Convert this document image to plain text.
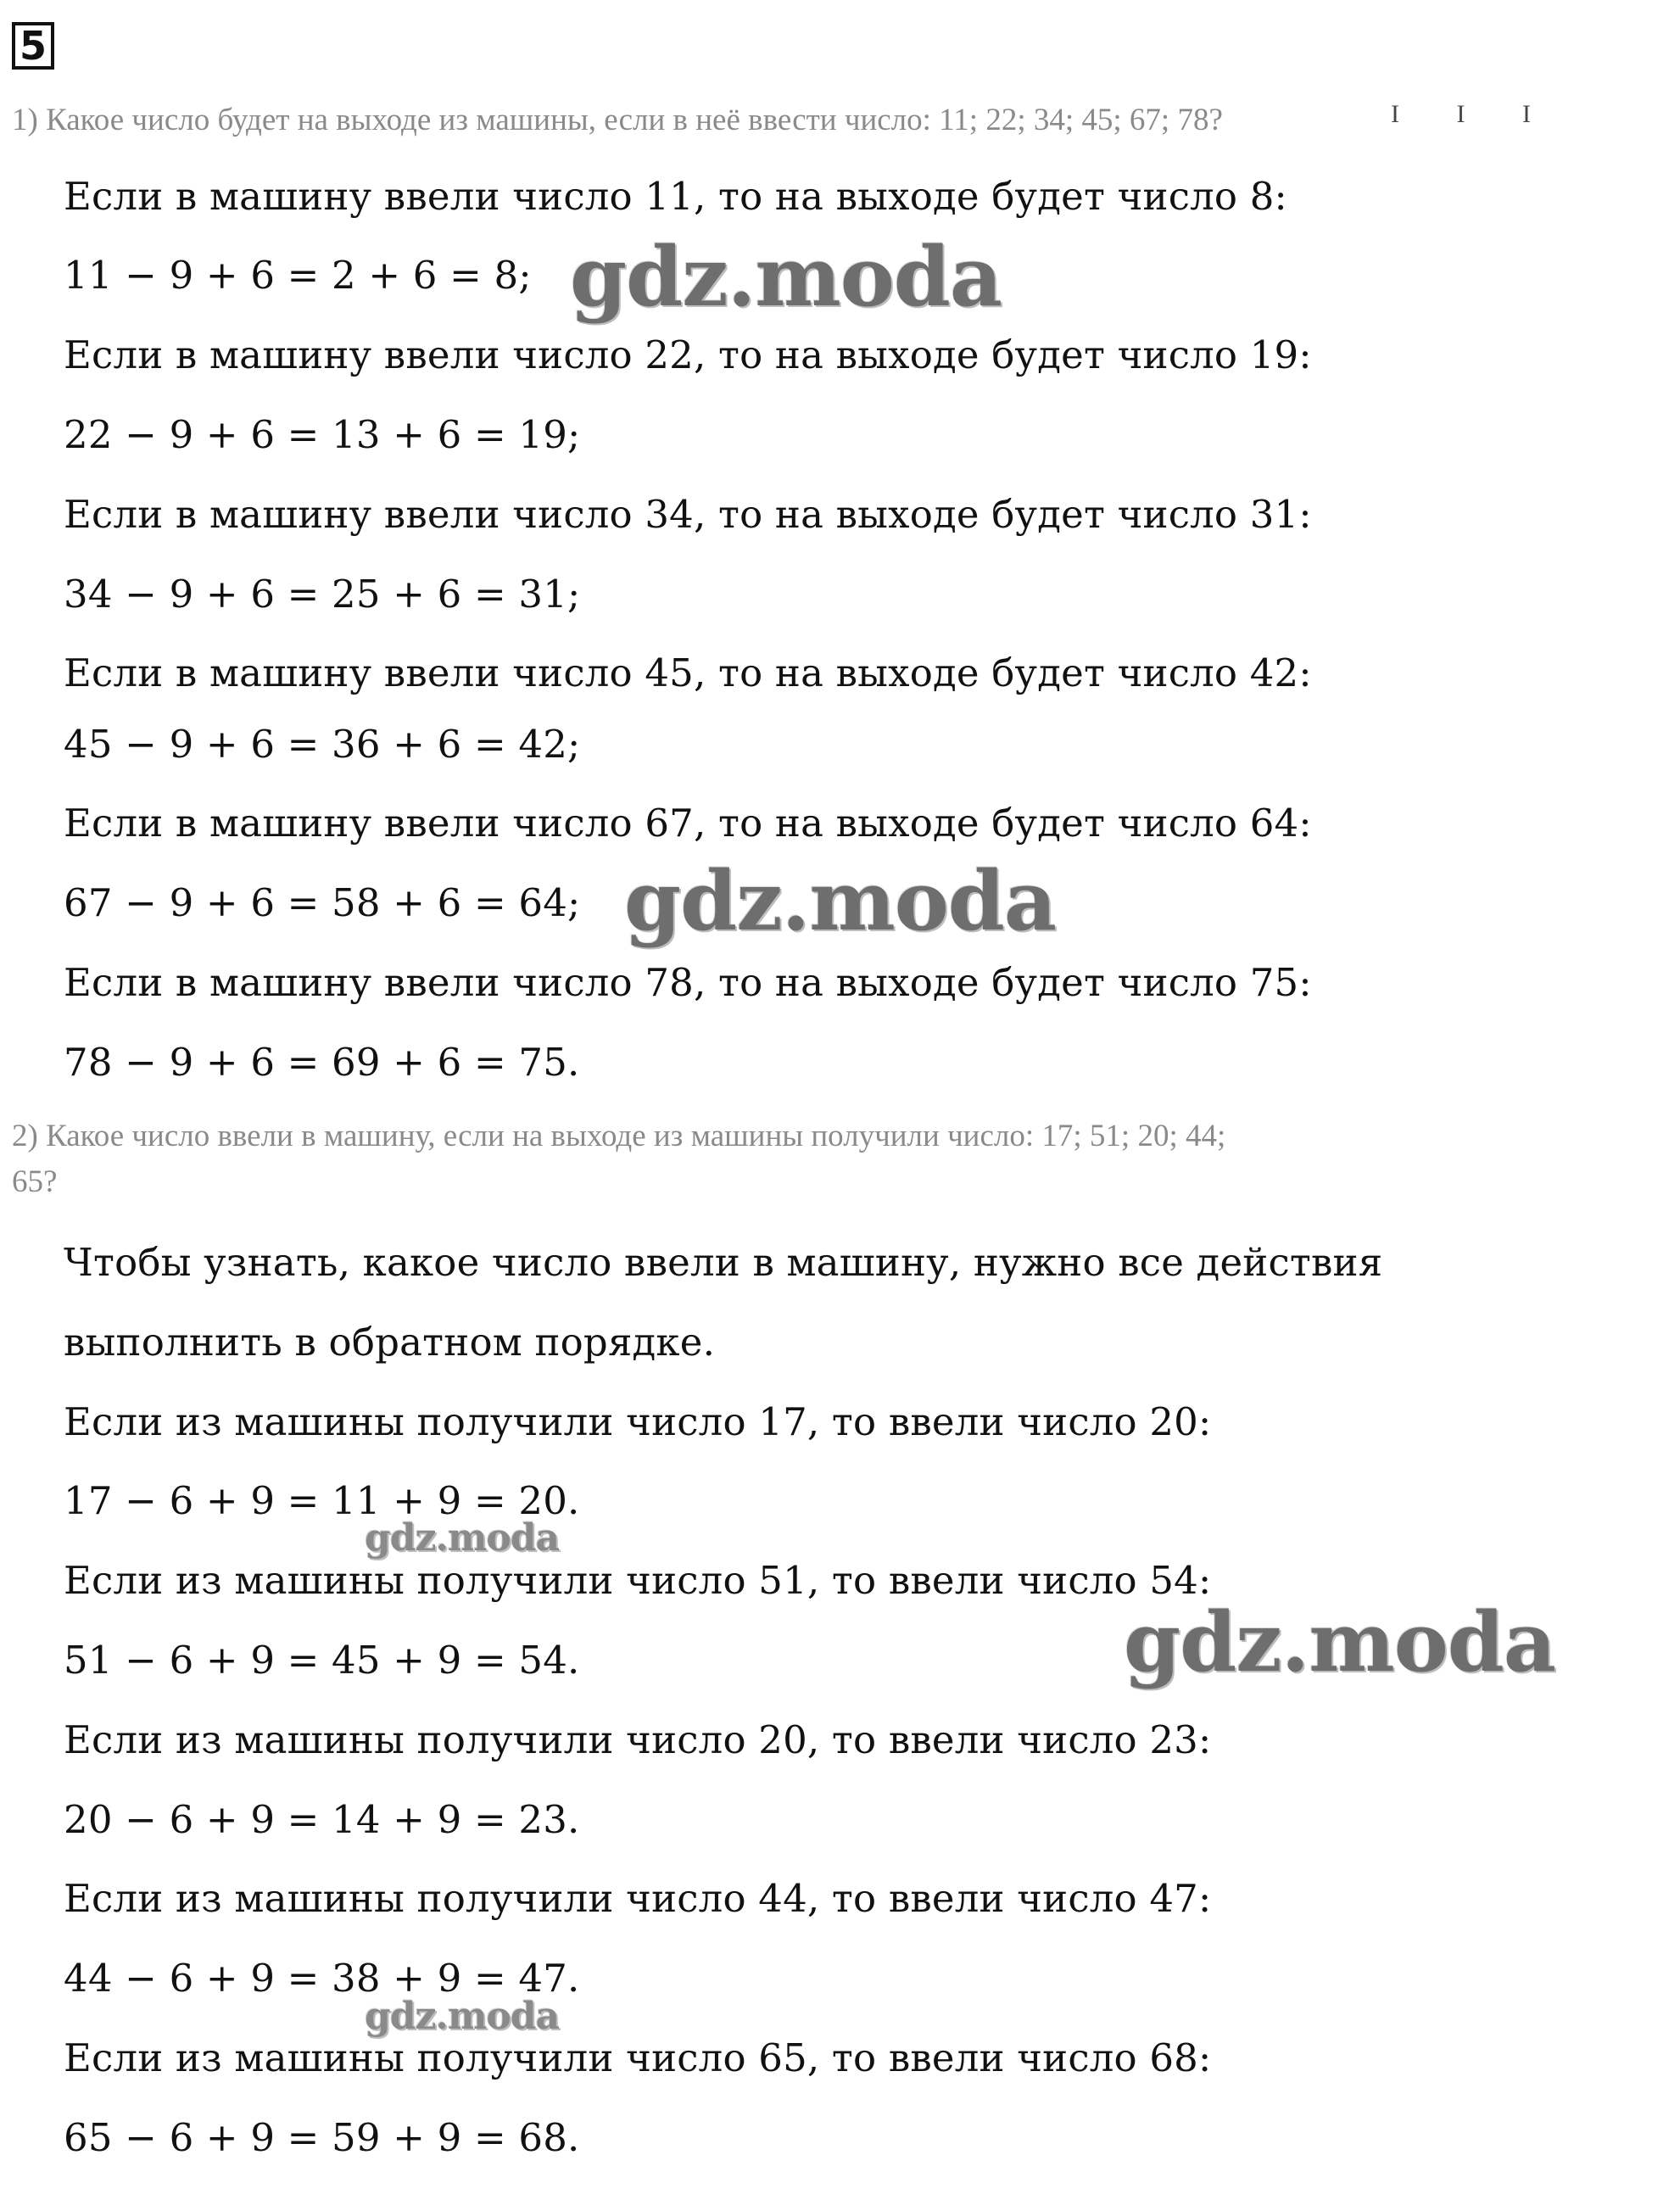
5
I I I
1) Какое число будет на выходе из машины, если в неё ввести число: 11; 22; 34; 45; 67; 78?
Если в машину ввели число 11, то на выходе будет число 8:
11 − 9 + 6 = 2 + 6 = 8;
Если в машину ввели число 22, то на выходе будет число 19:
22 − 9 + 6 = 13 + 6 = 19;
Если в машину ввели число 34, то на выходе будет число 31:
34 − 9 + 6 = 25 + 6 = 31;
Если в машину ввели число 45, то на выходе будет число 42:
45 − 9 + 6 = 36 + 6 = 42;
Если в машину ввели число 67, то на выходе будет число 64:
67 − 9 + 6 = 58 + 6 = 64;
Если в машину ввели число 78, то на выходе будет число 75:
78 − 9 + 6 = 69 + 6 = 75.
2) Какое число ввели в машину, если на выходе из машины получили число: 17; 51; 20; 44;
65?
Чтобы узнать, какое число ввели в машину, нужно все действия
выполнить в обратном порядке.
Если из машины получили число 17, то ввели число 20:
17 − 6 + 9 = 11 + 9 = 20.
Если из машины получили число 51, то ввели число 54:
51 − 6 + 9 = 45 + 9 = 54.
Если из машины получили число 20, то ввели число 23:
20 − 6 + 9 = 14 + 9 = 23.
Если из машины получили число 44, то ввели число 47:
44 − 6 + 9 = 38 + 9 = 47.
Если из машины получили число 65, то ввели число 68:
65 − 6 + 9 = 59 + 9 = 68.
gdz.moda
gdz.moda
gdz.moda
gdz.moda
gdz.moda
